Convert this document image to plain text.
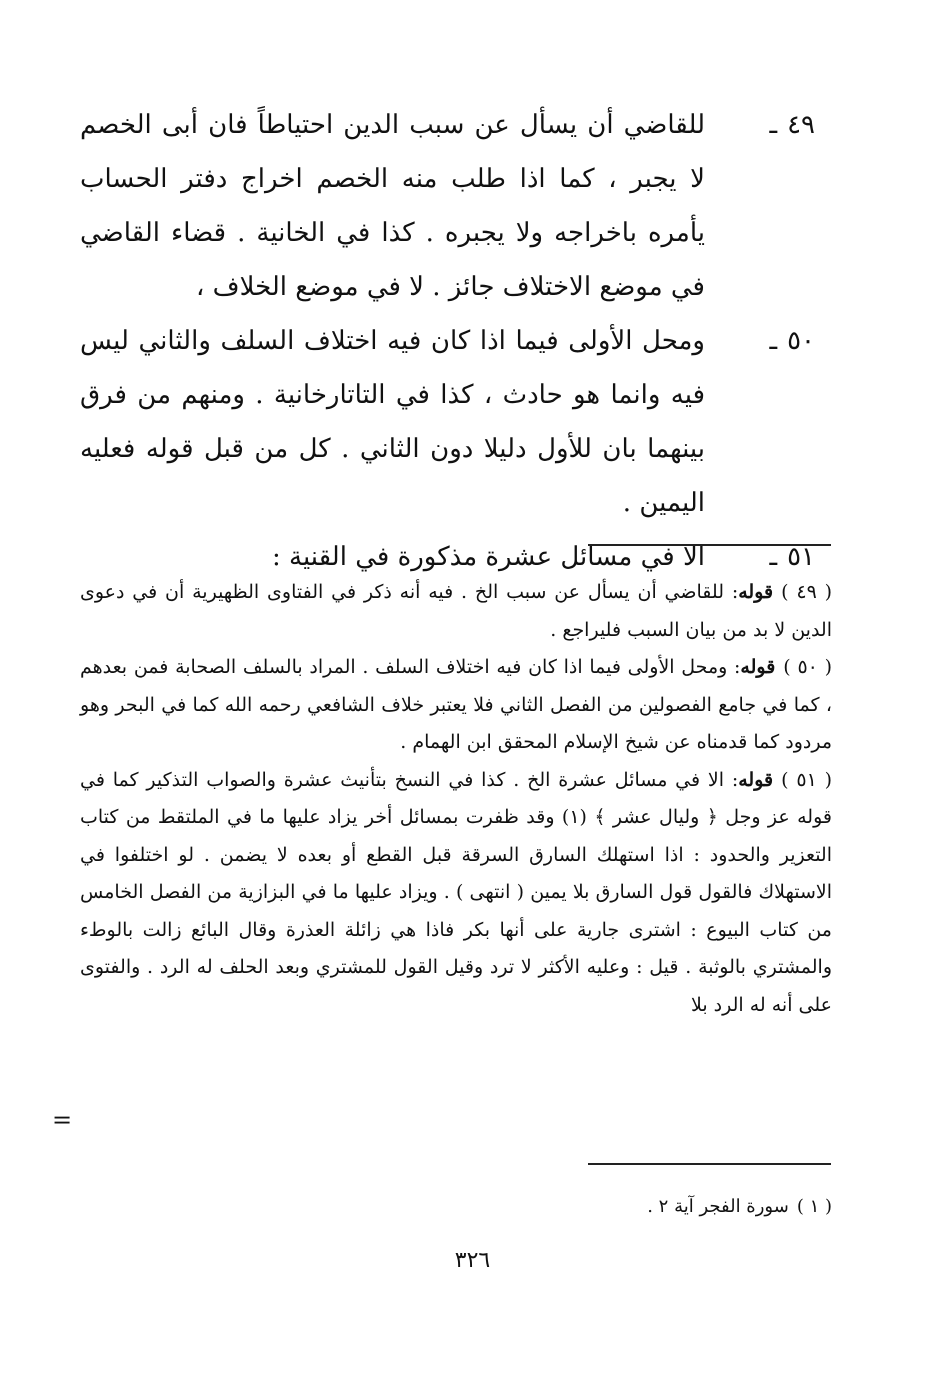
٤٩ـ

للقاضي أن يسأل عن سبب الدين احتياطاً فان أبى الخصم لا يجبر ، كما اذا طلب منه الخصم اخراج دفتر الحساب يأمره باخراجه ولا يجبره . كذا في الخانية . قضاء القاضي في موضع الاختلاف جائز . لا في موضع الخلاف ،

٥٠ـ

ومحل الأولى فيما اذا كان فيه اختلاف السلف والثاني ليس فيه وانما هو حادث ، كذا في التاتارخانية . ومنهم من فرق بينهما بان للأول دليلا دون الثاني . كل من قبل قوله فعليه اليمين .

٥١ـ

الا في مسائل عشرة مذكورة في القنية :

( ٤٩ )قوله: للقاضي أن يسأل عن سبب الخ . فيه أنه ذكر في الفتاوى الظهيرية أن في دعوى الدين لا بد من بيان السبب فليراجع .

( ٥٠ )قوله: ومحل الأولى فيما اذا كان فيه اختلاف السلف . المراد بالسلف الصحابة فمن بعدهم ، كما في جامع الفصولين من الفصل الثاني فلا يعتبر خلاف الشافعي رحمه الله كما في البحر وهو مردود كما قدمناه عن شيخ الإسلام المحقق ابن الهمام .

( ٥١ )قوله: الا في مسائل عشرة الخ . كذا في النسخ بتأنيث عشرة والصواب التذكير كما في قوله عز وجل ﴿ وليال عشر ﴾ (١) وقد ظفرت بمسائل أخر يزاد عليها ما في الملتقط من كتاب التعزير والحدود : اذا استهلك السارق السرقة قبل القطع أو بعده لا يضمن . لو اختلفوا في الاستهلاك فالقول قول السارق بلا يمين ( انتهى ) . ويزاد عليها ما في البزازية من الفصل الخامس من كتاب البيوع : اشترى جارية على أنها بكر فاذا هي زائلة العذرة وقال البائع زالت بالوطء والمشتري بالوثبة . قيل : وعليه الأكثر لا ترد وقيل القول للمشتري وبعد الحلف له الرد . والفتوى على أنه له الرد بلا

=
( ١ )سورة الفجر آية ٢ .
٣٢٦
